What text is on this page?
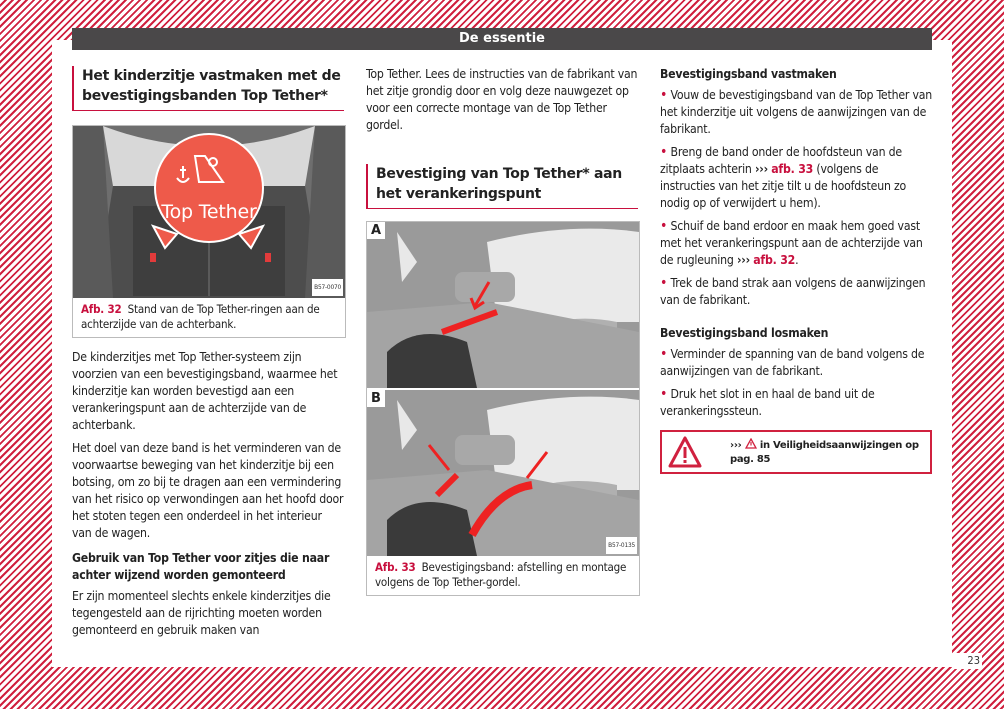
De essentie
23
Het kinderzitje vastmaken met de bevestigingsbanden Top Tether*
Top Tether
B57-0070
Afb. 32 Stand van de Top Tether-ringen aan de achterzijde van de achterbank.

De kinderzitjes met Top Tether-systeem zijn voorzien van een bevestigingsband, waarmee het kinderzitje kan worden bevestigd aan een verankeringspunt aan de achterzijde van de achterbank.

Het doel van deze band is het verminderen van de voorwaartse beweging van het kinderzitje bij een botsing, om zo bij te dragen aan een vermindering van het risico op verwondingen aan het hoofd door het stoten tegen een onderdeel in het interieur van de wagen.

Gebruik van Top Tether voor zitjes die naar achter wijzend worden gemonteerd

Er zijn momenteel slechts enkele kinderzitjes die tegengesteld aan de rijrichting moeten worden gemonteerd en gebruik maken van

Top Tether. Lees de instructies van de fabrikant van het zitje grondig door en volg deze nauwgezet op voor een correcte montage van de Top Tether gordel.

Bevestiging van Top Tether* aan het verankeringspunt
A
B
B57-0135
Afb. 33 Bevestigingsband: afstelling en montage volgens de Top Tether-gordel.
Bevestigingsband vastmaken
• Vouw de bevestigingsband van de Top Tether van het kinderzitje uit volgens de aanwijzingen van de fabrikant.
• Breng de band onder de hoofdsteun van de zitplaats achterin ››› afb. 33 (volgens de instructies van het zitje tilt u de hoofdsteun zo nodig op of verwijdert u hem).
• Schuif de band erdoor en maak hem goed vast met het verankeringspunt aan de achterzijde van de rugleuning ››› afb. 32.
• Trek de band strak aan volgens de aanwijzingen van de fabrikant.
Bevestigingsband losmaken
• Verminder de spanning van de band volgens de aanwijzingen van de fabrikant.
• Druk het slot in en haal de band uit de verankeringssteun.
››› in Veiligheidsaanwijzingen op
pag. 85
